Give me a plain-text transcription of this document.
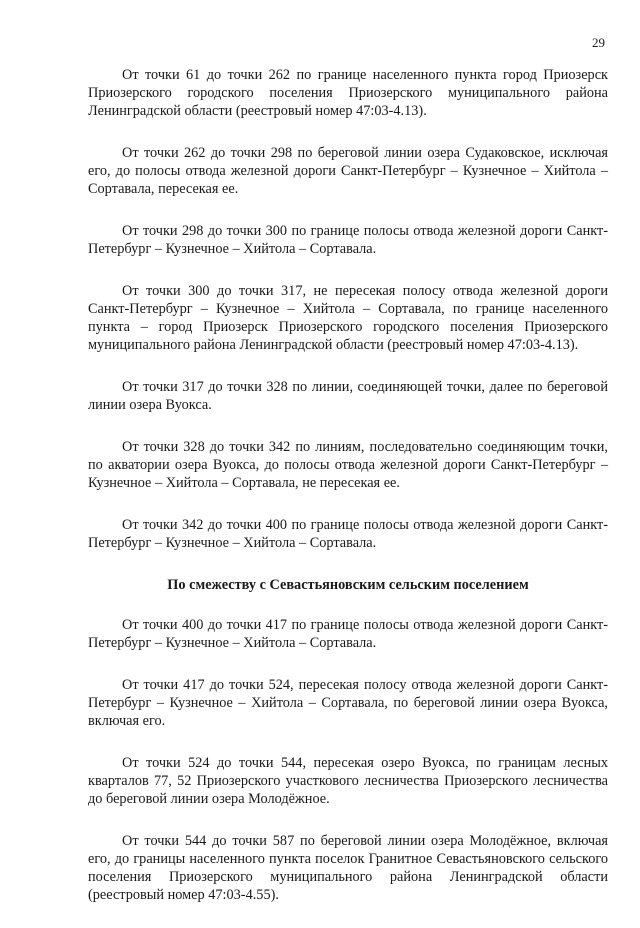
29

От точки 61 до точки 262 по границе населенного пункта город Приозерск Приозерского городского поселения Приозерского муниципального района Ленинградской области (реестровый номер 47:03-4.13).

От точки 262 до точки 298 по береговой линии озера Судаковское, исключая его, до полосы отвода железной дороги Санкт-Петербург – Кузнечное – Хийтола – Сортавала, пересекая ее.

От точки 298 до точки 300 по границе полосы отвода железной дороги Санкт-Петербург – Кузнечное – Хийтола – Сортавала.

От точки 300 до точки 317, не пересекая полосу отвода железной дороги Санкт-Петербург – Кузнечное – Хийтола – Сортавала, по границе населенного пункта – город Приозерск Приозерского городского поселения Приозерского муниципального района Ленинградской области (реестровый номер 47:03-4.13).

От точки 317 до точки 328 по линии, соединяющей точки, далее по береговой линии озера Вуокса.

От точки 328 до точки 342 по линиям, последовательно соединяющим точки, по акватории озера Вуокса, до полосы отвода железной дороги Санкт-Петербург – Кузнечное – Хийтола – Сортавала, не пересекая ее.

От точки 342 до точки 400 по границе полосы отвода железной дороги Санкт-Петербург – Кузнечное – Хийтола – Сортавала.

По смежеству с Севастьяновским сельским поселением

От точки 400 до точки 417 по границе полосы отвода железной дороги Санкт-Петербург – Кузнечное – Хийтола – Сортавала.

От точки 417 до точки 524, пересекая полосу отвода железной дороги Санкт-Петербург – Кузнечное – Хийтола – Сортавала, по береговой линии озера Вуокса, включая его.

От точки 524 до точки 544, пересекая озеро Вуокса, по границам лесных кварталов 77, 52 Приозерского участкового лесничества Приозерского лесничества до береговой линии озера Молодёжное.

От точки 544 до точки 587 по береговой линии озера Молодёжное, включая его, до границы населенного пункта поселок Гранитное Севастьяновского сельского поселения Приозерского муниципального района Ленинградской области (реестровый номер 47:03-4.55).
